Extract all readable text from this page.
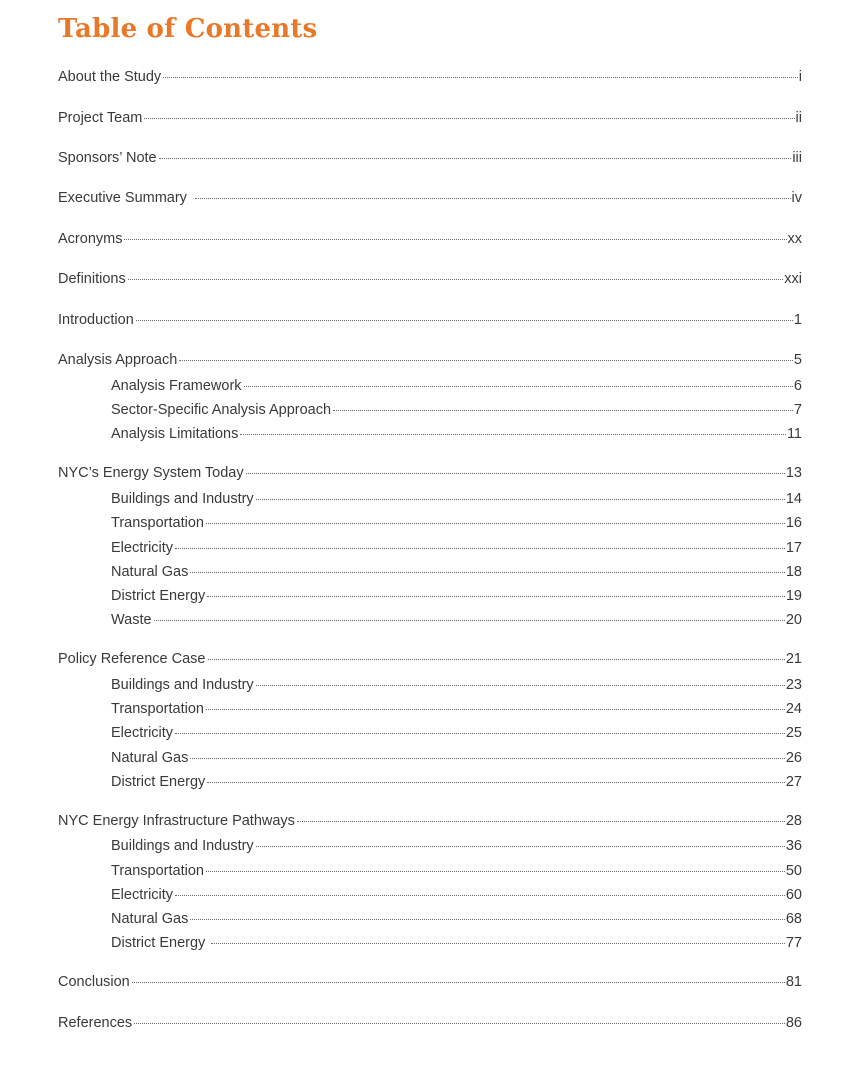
Table of Contents
About the Study	i
Project Team	ii
Sponsors’ Note	iii
Executive Summary	iv
Acronyms	xx
Definitions	xxi
Introduction	1
Analysis Approach	5
Analysis Framework	6
Sector-Specific Analysis Approach	7
Analysis Limitations	11
NYC’s Energy System Today	13
Buildings and Industry	14
Transportation	16
Electricity	17
Natural Gas	18
District Energy	19
Waste	20
Policy Reference Case	21
Buildings and Industry	23
Transportation	24
Electricity	25
Natural Gas	26
District Energy	27
NYC Energy Infrastructure Pathways	28
Buildings and Industry	36
Transportation	50
Electricity	60
Natural Gas	68
District Energy	77
Conclusion	81
References	86
